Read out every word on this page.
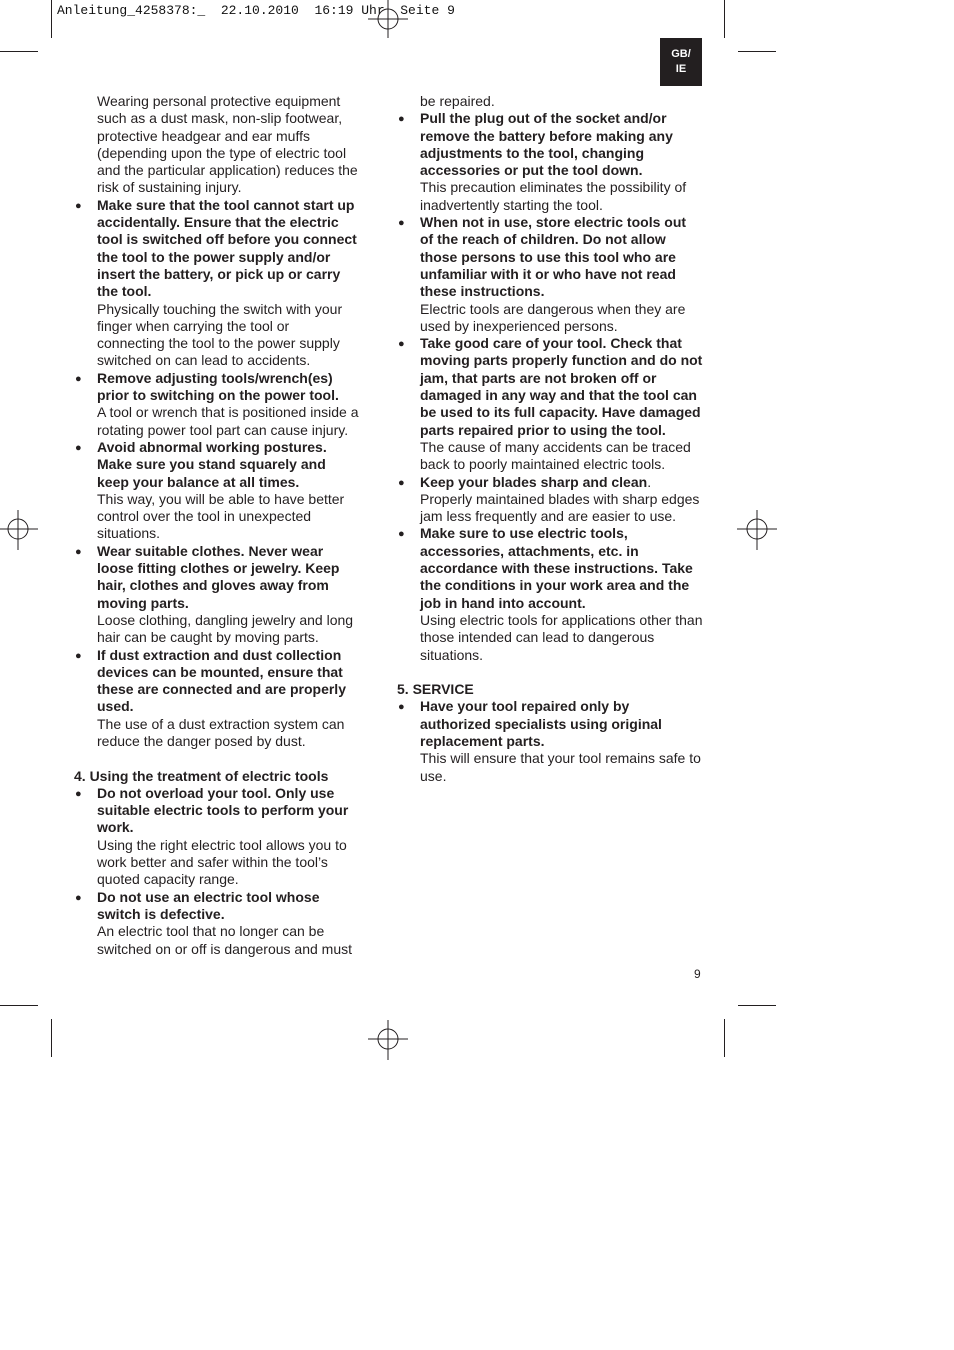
Anleitung_4258378:_  22.10.2010  16:19 Uhr  Seite 9
GB/
IE

Wearing personal protective equipment such as a dust mask, non-slip footwear, protective headgear and ear muffs (depending upon the type of electric tool and the particular application) reduces the risk of sustaining injury.

● Make sure that the tool cannot start up accidentally. Ensure that the electric tool is switched off before you connect the tool to the power supply and/or insert the battery, or pick up or carry the tool.
Physically touching the switch with your finger when carrying the tool or connecting the tool to the power supply switched on can lead to accidents.
● Remove adjusting tools/wrench(es) prior to switching on the power tool.
A tool or wrench that is positioned inside a rotating power tool part can cause injury.
● Avoid abnormal working postures. Make sure you stand squarely and keep your balance at all times.
This way, you will be able to have better control over the tool in unexpected situations.
● Wear suitable clothes. Never wear loose fitting clothes or jewelry. Keep hair, clothes and gloves away from moving parts.
Loose clothing, dangling jewelry and long hair can be caught by moving parts.
● If dust extraction and dust collection devices can be mounted, ensure that these are connected and are properly used.
The use of a dust extraction system can reduce the danger posed by dust.

4. Using the treatment of electric tools

● Do not overload your tool. Only use suitable electric tools to perform your work.
Using the right electric tool allows you to work better and safer within the tool’s quoted capacity range.
● Do not use an electric tool whose switch is defective.
An electric tool that no longer can be switched on or off is dangerous and must

be repaired.

● Pull the plug out of the socket and/or remove the battery before making any adjustments to the tool, changing accessories or put the tool down.
This precaution eliminates the possibility of inadvertently starting the tool.
● When not in use, store electric tools out of the reach of children. Do not allow those persons to use this tool who are unfamiliar with it or who have not read these instructions.
Electric tools are dangerous when they are used by inexperienced persons.
● Take good care of your tool. Check that moving parts properly function and do not jam, that parts are not broken off or damaged in any way and that the tool can be used to its full capacity. Have damaged parts repaired prior to using the tool.
The cause of many accidents can be traced back to poorly maintained electric tools.
● Keep your blades sharp and clean.
Properly maintained blades with sharp edges jam less frequently and are easier to use.
● Make sure to use electric tools, accessories, attachments, etc. in accordance with these instructions. Take the conditions in your work area and the job in hand into account.
Using electric tools for applications other than those intended can lead to dangerous situations.

5. SERVICE

● Have your tool repaired only by authorized specialists using original replacement parts.
This will ensure that your tool remains safe to use.
9
